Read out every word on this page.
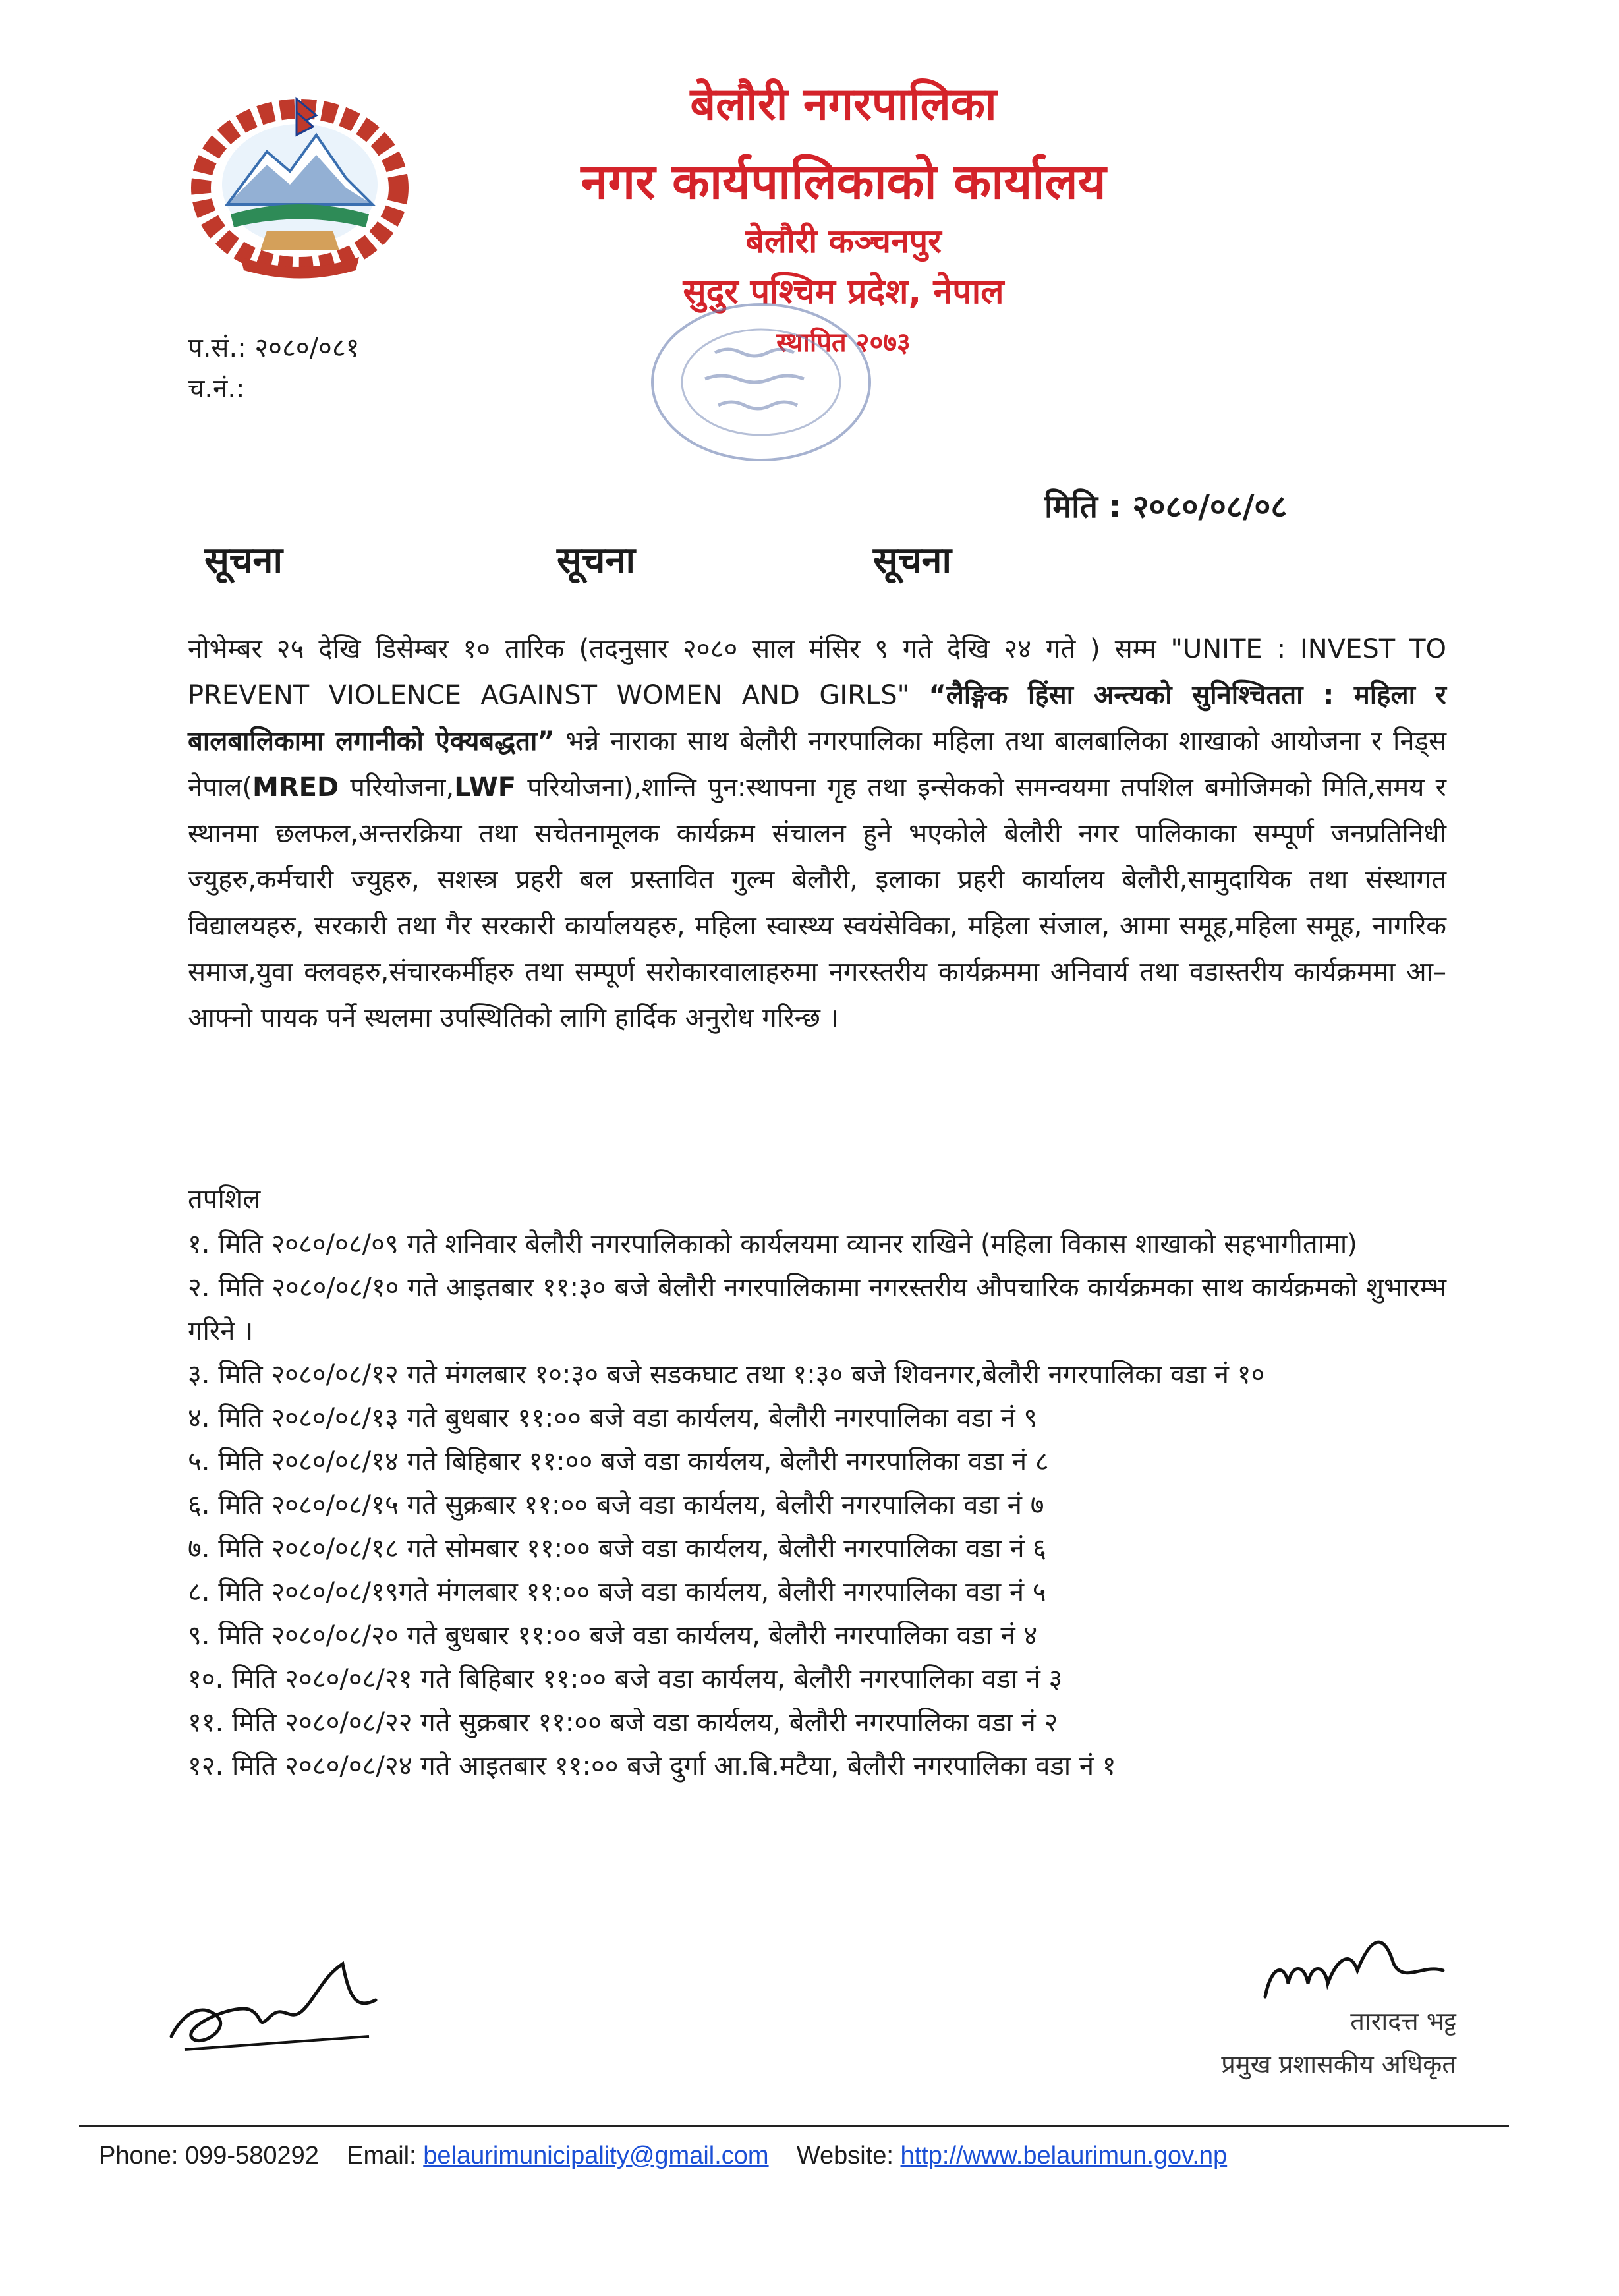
बेलौरी नगरपालिका
नगर कार्यपालिकाको कार्यालय
बेलौरी कञ्चनपुर
सुदुर पश्चिम प्रदेश, नेपाल
स्थापित २०७३
प.सं.: २०८०/०८१
च.नं.:
मिति : २०८०/०८/०८
सूचना	सूचना	सूचना
नोभेम्बर २५ देखि डिसेम्बर १० तारिक (तदनुसार २०८० साल मंसिर ९ गते देखि २४ गते ) सम्म "UNITE : INVEST TO PREVENT VIOLENCE AGAINST WOMEN AND GIRLS" “लैङ्गिक हिंसा अन्त्यको सुनिश्चितता : महिला र बालबालिकामा लगानीको ऐक्यबद्धता” भन्ने नाराका साथ बेलौरी नगरपालिका महिला तथा बालबालिका शाखाको आयोजना र निड्स नेपाल(MRED परियोजना,LWF परियोजना),शान्ति पुन:स्थापना गृह तथा इन्सेकको समन्वयमा तपशिल बमोजिमको मिति,समय र स्थानमा छलफल,अन्तरक्रिया तथा सचेतनामूलक कार्यक्रम संचालन हुने भएकोले बेलौरी नगर पालिकाका सम्पूर्ण जनप्रतिनिधी ज्युहरु,कर्मचारी ज्युहरु, सशस्त्र प्रहरी बल प्रस्तावित गुल्म बेलौरी, इलाका प्रहरी कार्यालय बेलौरी,सामुदायिक तथा संस्थागत विद्यालयहरु, सरकारी तथा गैर सरकारी कार्यालयहरु, महिला स्वास्थ्य स्वयंसेविका, महिला संजाल, आमा समूह,महिला समूह, नागरिक समाज,युवा क्लवहरु,संचारकर्मीहरु तथा सम्पूर्ण सरोकारवालाहरुमा नगरस्तरीय कार्यक्रममा अनिवार्य तथा वडास्तरीय कार्यक्रममा आ–आफ्नो पायक पर्ने स्थलमा उपस्थितिको लागि हार्दिक अनुरोध गरिन्छ ।
तपशिल
१. मिति २०८०/०८/०९ गते शनिवार बेलौरी नगरपालिकाको कार्यलयमा व्यानर राखिने (महिला विकास शाखाको सहभागीतामा)
२. मिति २०८०/०८/१० गते आइतबार ११:३० बजे बेलौरी नगरपालिकामा नगरस्तरीय औपचारिक कार्यक्रमका साथ कार्यक्रमको शुभारम्भ गरिने ।
३. मिति २०८०/०८/१२ गते मंगलबार १०:३० बजे सडकघाट तथा १:३० बजे शिवनगर,बेलौरी नगरपालिका वडा नं १०
४. मिति २०८०/०८/१३ गते बुधबार ११:०० बजे वडा कार्यलय, बेलौरी नगरपालिका वडा नं ९
५. मिति २०८०/०८/१४ गते बिहिबार ११:०० बजे वडा कार्यलय, बेलौरी नगरपालिका वडा नं ८
६. मिति २०८०/०८/१५ गते सुक्रबार ११:०० बजे वडा कार्यलय, बेलौरी नगरपालिका वडा नं ७
७. मिति २०८०/०८/१८ गते सोमबार ११:०० बजे वडा कार्यलय, बेलौरी नगरपालिका वडा नं ६
८. मिति २०८०/०८/१९गते मंगलबार ११:०० बजे वडा कार्यलय, बेलौरी नगरपालिका वडा नं ५
९. मिति २०८०/०८/२० गते बुधबार ११:०० बजे वडा कार्यलय, बेलौरी नगरपालिका वडा नं ४
१०. मिति २०८०/०८/२१ गते बिहिबार ११:०० बजे वडा कार्यलय, बेलौरी नगरपालिका वडा नं ३
११. मिति २०८०/०८/२२ गते सुक्रबार ११:०० बजे वडा कार्यलय, बेलौरी नगरपालिका वडा नं २
१२. मिति २०८०/०८/२४ गते आइतबार ११:०० बजे दुर्गा आ.बि.मटैया, बेलौरी नगरपालिका वडा नं १
तारादत्त भट्ट
प्रमुख प्रशासकीय अधिकृत
Phone: 099-580292 Email: belaurimunicipality@gmail.com Website: http://www.belaurimun.gov.np
